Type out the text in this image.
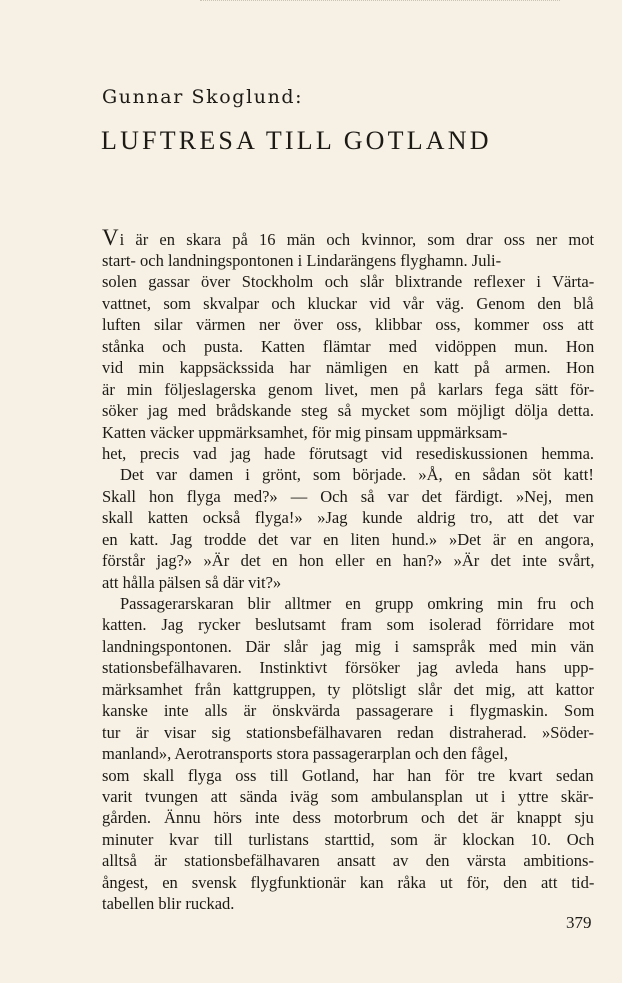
Gunnar Skoglund:
LUFTRESA TILL GOTLAND
Vi är en skara på 16 män och kvinnor, som drar oss ner mot
start- och landningspontonen i Lindarängens flyghamn. Juli-
solen gassar över Stockholm och slår blixtrande reflexer i Värta-
vattnet, som skvalpar och kluckar vid vår väg. Genom den blå
luften silar värmen ner över oss, klibbar oss, kommer oss att
stånka och pusta. Katten flämtar med vidöppen mun. Hon
vid min kappsäckssida har nämligen en katt på armen. Hon
är min följeslagerska genom livet, men på karlars fega sätt för-
söker jag med brådskande steg så mycket som möjligt dölja detta.
Katten väcker uppmärksamhet, för mig pinsam uppmärksam-
het, precis vad jag hade förutsagt vid resediskussionen hemma.
Det var damen i grönt, som började. »Å, en sådan söt katt!
Skall hon flyga med?» — Och så var det färdigt. »Nej, men
skall katten också flyga!» »Jag kunde aldrig tro, att det var
en katt. Jag trodde det var en liten hund.» »Det är en angora,
förstår jag?» »Är det en hon eller en han?» »Är det inte svårt,
att hålla pälsen så där vit?»
Passagerarskaran blir alltmer en grupp omkring min fru och
katten. Jag rycker beslutsamt fram som isolerad förridare mot
landningspontonen. Där slår jag mig i samspråk med min vän
stationsbefälhavaren. Instinktivt försöker jag avleda hans upp-
märksamhet från kattgruppen, ty plötsligt slår det mig, att kattor
kanske inte alls är önskvärda passagerare i flygmaskin. Som
tur är visar sig stationsbefälhavaren redan distraherad. »Söder-
manland», Aerotransports stora passagerarplan och den fågel,
som skall flyga oss till Gotland, har han för tre kvart sedan
varit tvungen att sända iväg som ambulansplan ut i yttre skär-
gården. Ännu hörs inte dess motorbrum och det är knappt sju
minuter kvar till turlistans starttid, som är klockan 10. Och
alltså är stationsbefälhavaren ansatt av den värsta ambitions-
ångest, en svensk flygfunktionär kan råka ut för, den att tid-
tabellen blir ruckad.
379
